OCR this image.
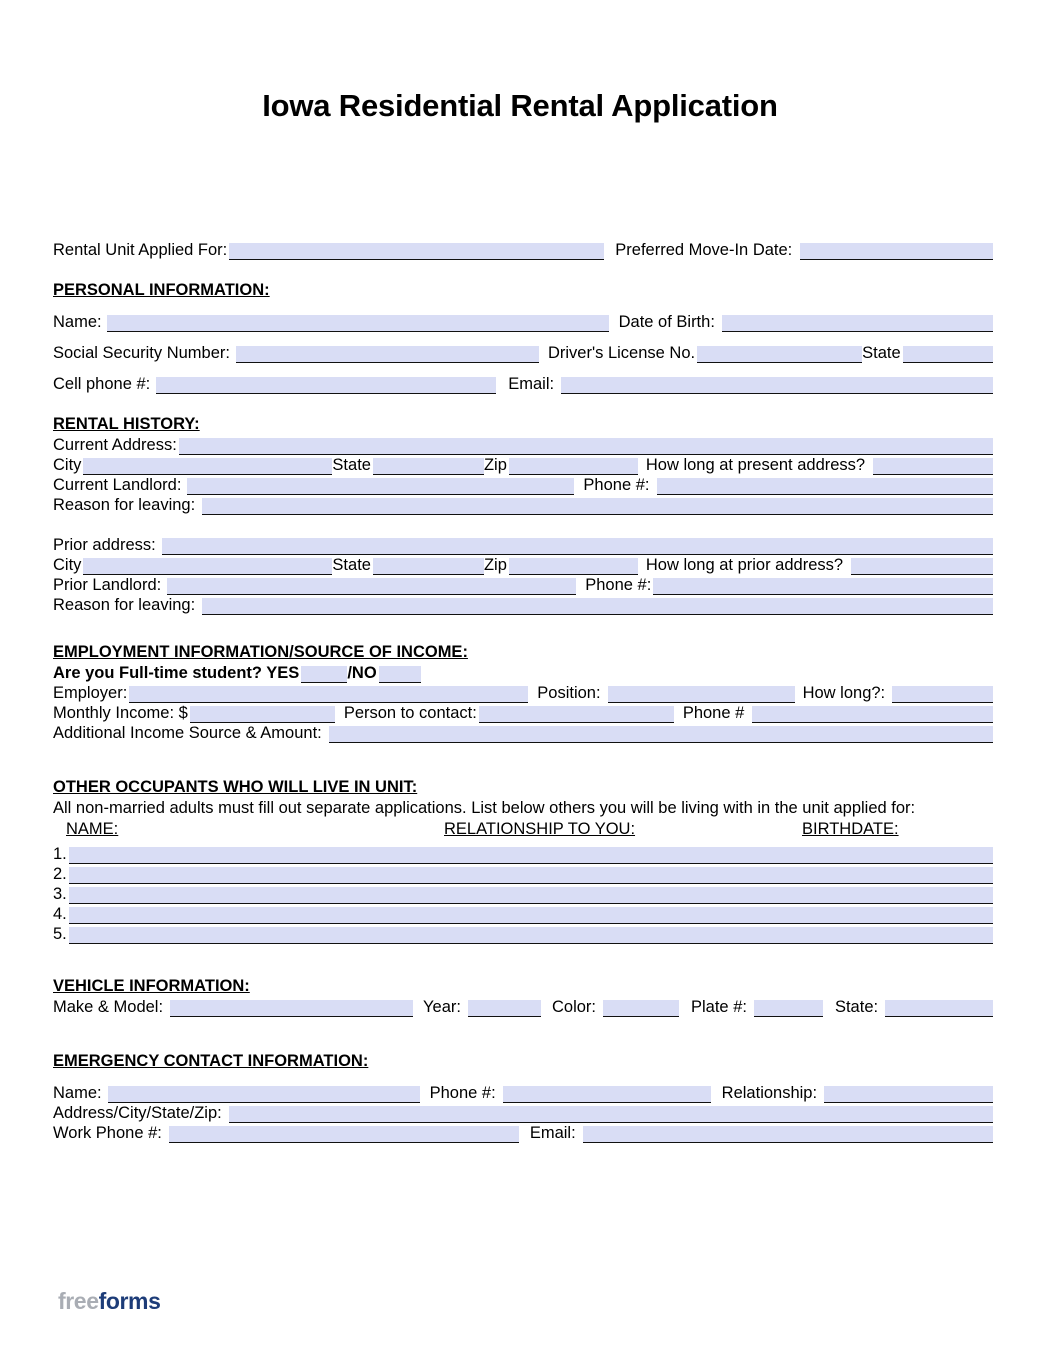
Iowa Residential Rental Application
Rental Unit Applied For:	Preferred Move-In Date:
PERSONAL INFORMATION:
Name:	Date of Birth:
Social Security Number:	Driver's License No.	State
Cell phone #:	Email:
RENTAL HISTORY:
Current Address:
City	State	Zip	How long at present address?
Current Landlord:	Phone #:
Reason for leaving:
Prior address:
City	State	Zip	How long at prior address?
Prior Landlord:	Phone #:
Reason for leaving:
EMPLOYMENT INFORMATION/SOURCE OF INCOME:
Are you Full-time student? YES	/NO
Employer:	Position:	How long?:
Monthly Income: $	Person to contact:	Phone #
Additional Income Source & Amount:
OTHER OCCUPANTS WHO WILL LIVE IN UNIT:
All non-married adults must fill out separate applications. List below others you will be living with in the unit applied for:
NAME:	RELATIONSHIP TO YOU:	BIRTHDATE:
1.
2.
3.
4.
5.
VEHICLE INFORMATION:
Make & Model:	Year:	Color:	Plate #:	State:
EMERGENCY CONTACT INFORMATION:
Name:	Phone #:	Relationship:
Address/City/State/Zip:
Work Phone #:	Email:
freeforms
